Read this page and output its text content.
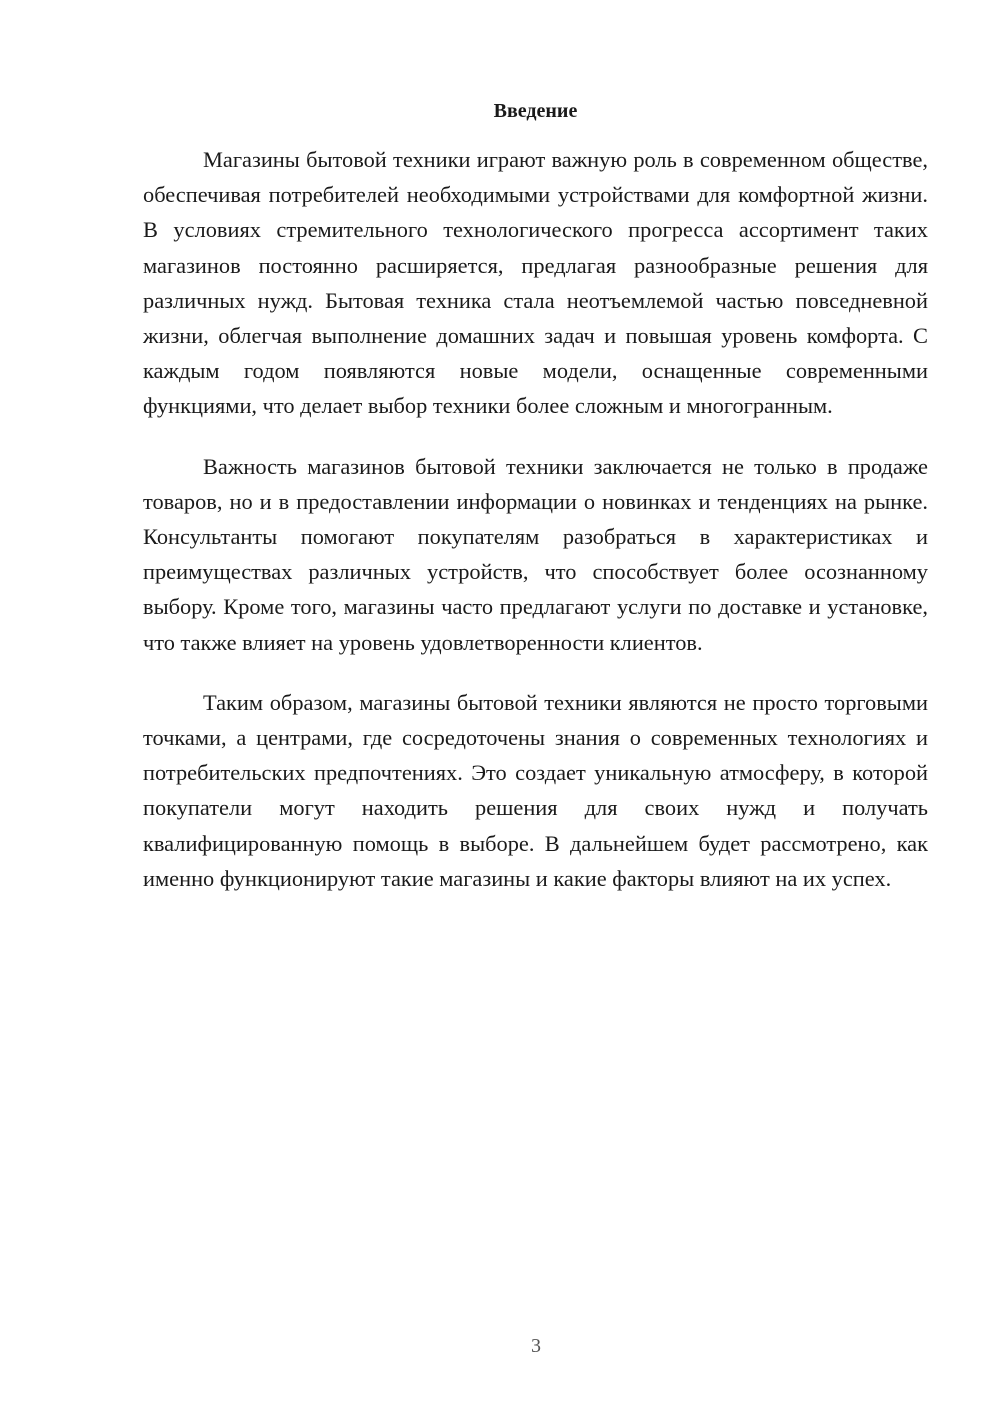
Введение

Магазины бытовой техники играют важную роль в современном обществе, обеспечивая потребителей необходимыми устройствами для комфортной жизни. В условиях стремительного технологического прогресса ассортимент таких магазинов постоянно расширяется, предлагая разнообразные решения для различных нужд. Бытовая техника стала неотъемлемой частью повседневной жизни, облегчая выполнение домашних задач и повышая уровень комфорта. С каждым годом появляются новые модели, оснащенные современными функциями, что делает выбор техники более сложным и многогранным.

Важность магазинов бытовой техники заключается не только в продаже товаров, но и в предоставлении информации о новинках и тенденциях на рынке. Консультанты помогают покупателям разобраться в характеристиках и преимуществах различных устройств, что способствует более осознанному выбору. Кроме того, магазины часто предлагают услуги по доставке и установке, что также влияет на уровень удовлетворенности клиентов.

Таким образом, магазины бытовой техники являются не просто торговыми точками, а центрами, где сосредоточены знания о современных технологиях и потребительских предпочтениях. Это создает уникальную атмосферу, в которой покупатели могут находить решения для своих нужд и получать квалифицированную помощь в выборе. В дальнейшем будет рассмотрено, как именно функционируют такие магазины и какие факторы влияют на их успех.

3
